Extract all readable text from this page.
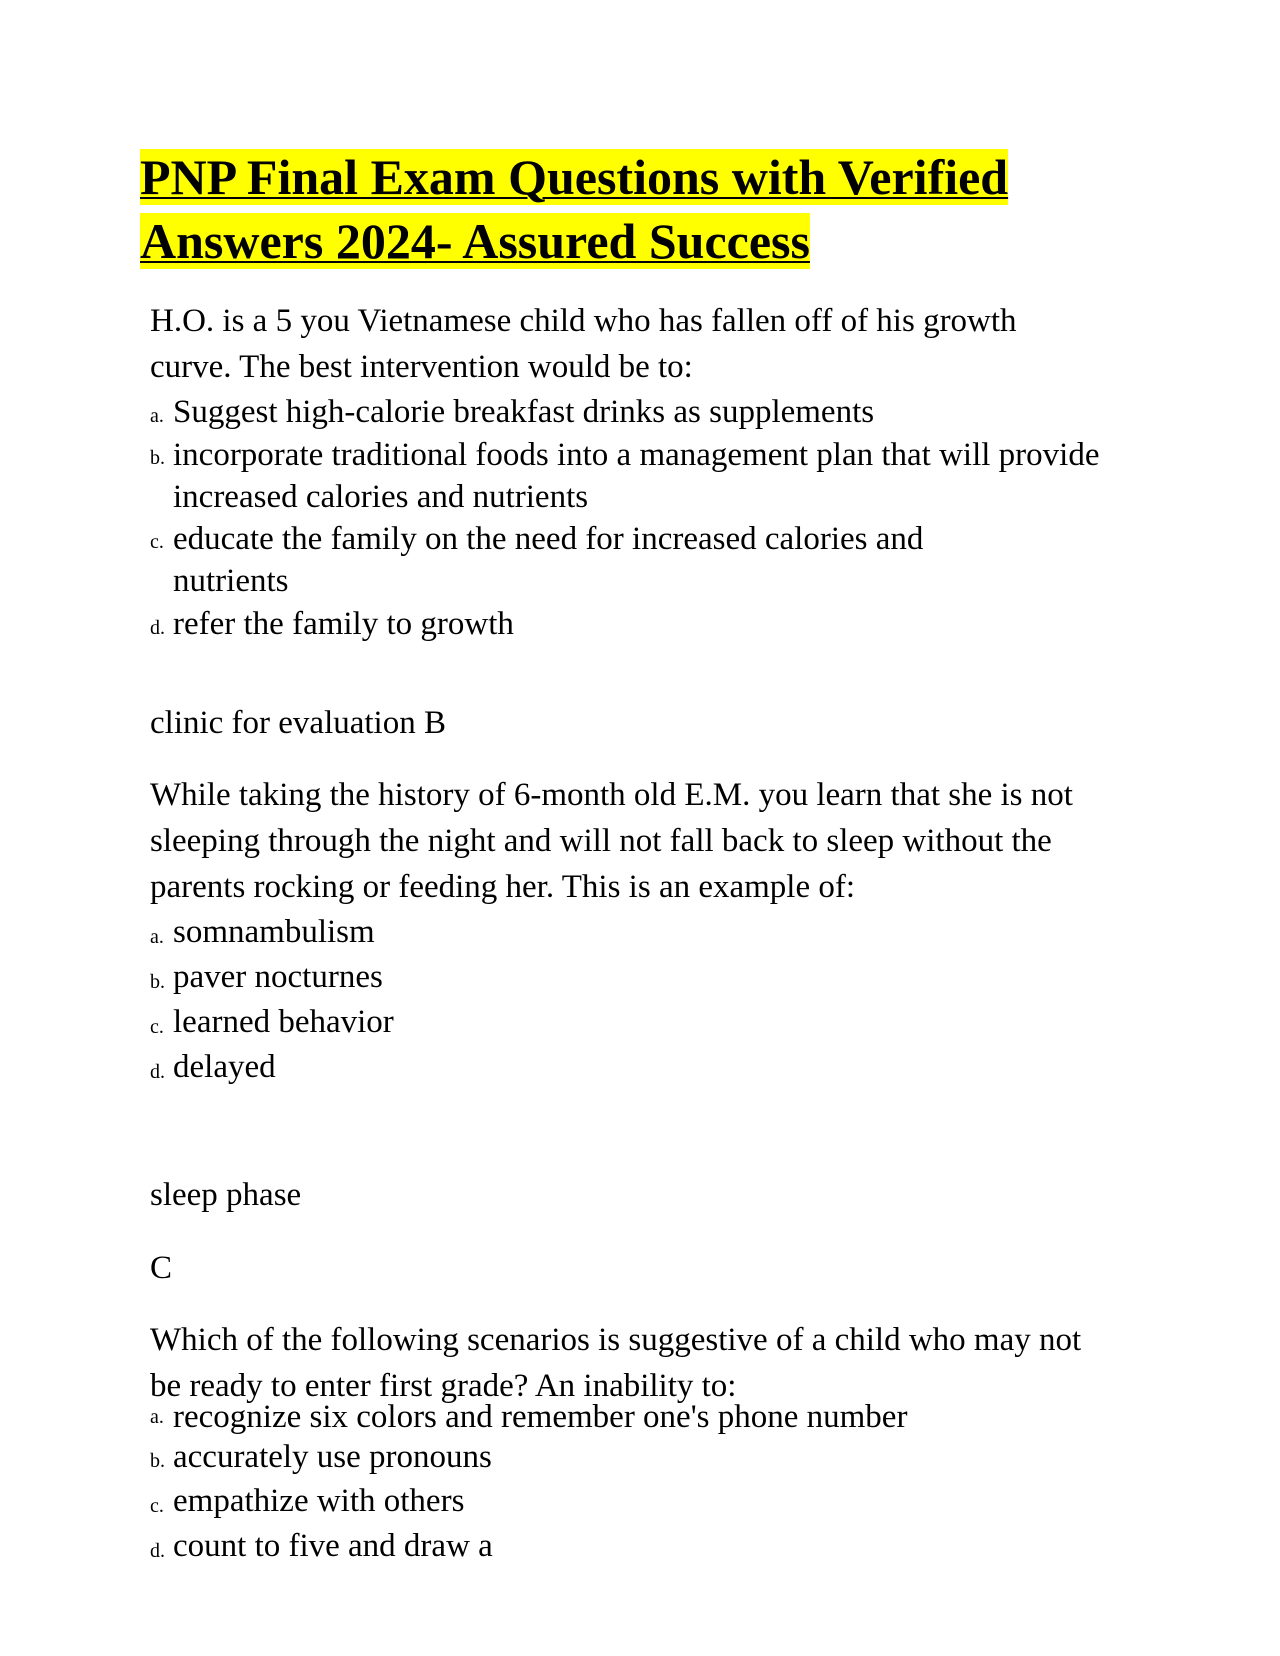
PNP Final Exam Questions with Verified
Answers 2024- Assured Success

H.O. is a 5 you Vietnamese child who has fallen off of his growth curve. The best intervention would be to:

a. Suggest high-calorie breakfast drinks as supplements

b. incorporate traditional foods into a management plan that will provide increased calories and nutrients

c. educate the family on the need for increased calories and nutrients

d. refer the family to growth

clinic for evaluation B

While taking the history of 6-month old E.M. you learn that she is not sleeping through the night and will not fall back to sleep without the parents rocking or feeding her. This is an example of:

a. somnambulism

b. paver nocturnes

c. learned behavior

d. delayed

sleep phase

C

Which of the following scenarios is suggestive of a child who may not be ready to enter first grade? An inability to:

a. recognize six colors and remember one's phone number

b. accurately use pronouns

c. empathize with others

d. count to five and draw a
